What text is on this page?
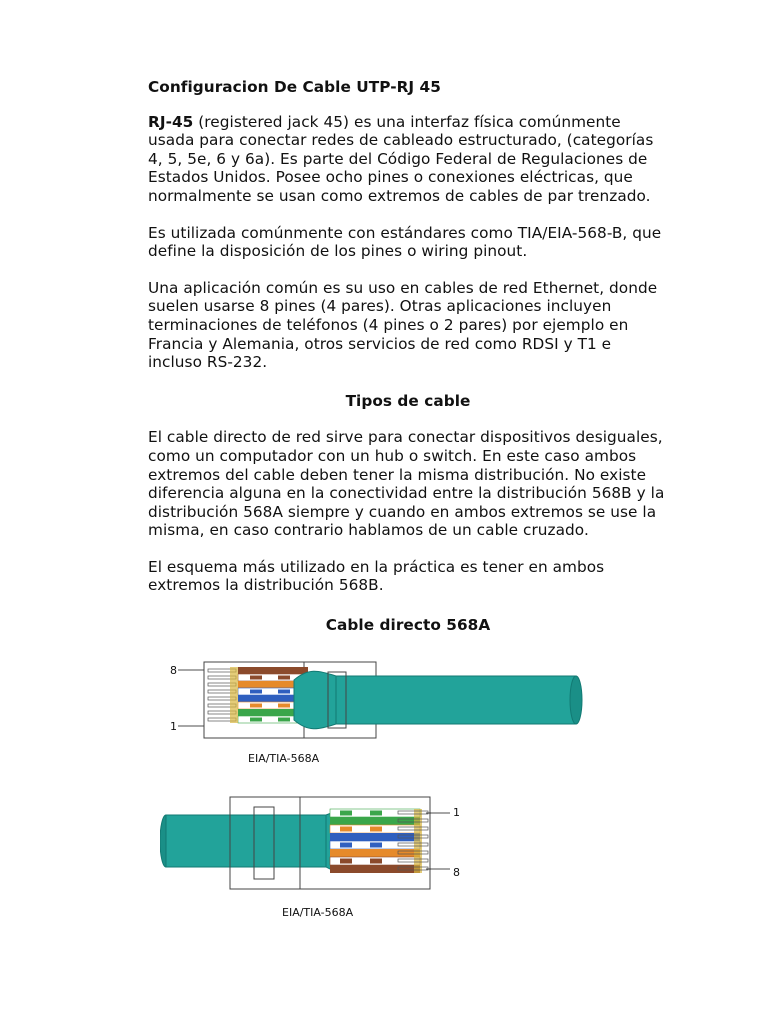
Configuracion De Cable UTP-RJ 45

RJ-45 (registered jack 45) es una interfaz física comúnmente usada para conectar redes de cableado estructurado, (categorías 4, 5, 5e, 6 y 6a). Es parte del Código Federal de Regulaciones de Estados Unidos. Posee ocho pines o conexiones eléctricas, que normalmente se usan como extremos de cables de par trenzado.

Es utilizada comúnmente con estándares como TIA/EIA-568-B, que define la disposición de los pines o wiring pinout.

Una aplicación común es su uso en cables de red Ethernet, donde suelen usarse 8 pines (4 pares). Otras aplicaciones incluyen terminaciones de teléfonos (4 pines o 2 pares) por ejemplo en Francia y Alemania, otros servicios de red como RDSI y T1 e incluso RS-232.

Tipos de cable

El cable directo de red sirve para conectar dispositivos desiguales, como un computador con un hub o switch. En este caso ambos extremos del cable deben tener la misma distribución. No existe diferencia alguna en la conectividad entre la distribución 568B y la distribución 568A siempre y cuando en ambos extremos se use la misma, en caso contrario hablamos de un cable cruzado.

El esquema más utilizado en la práctica es tener en ambos extremos la distribución 568B.

Cable directo 568A

8
1
EIA/TIA-568A
1
8
EIA/TIA-568A
